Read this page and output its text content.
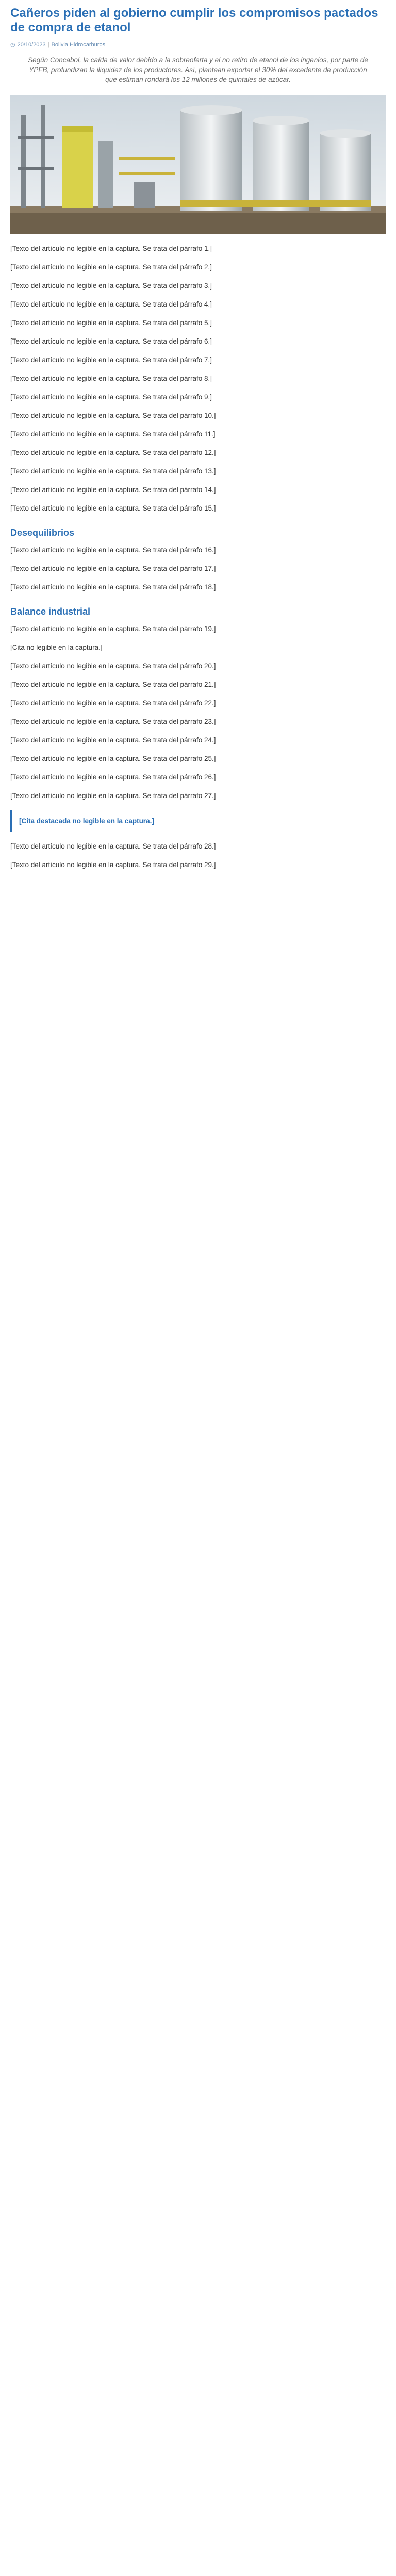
Cañeros piden al gobierno cumplir los compromisos pactados de compra de etanol
◷ 20/10/2023 | Bolivia Hidrocarburos

Según Concabol, la caída de valor debido a la sobreoferta y el no retiro de etanol de los ingenios, por parte de YPFB, profundizan la iliquidez de los productores. Así, plantean exportar el 30% del excedente de producción que estiman rondará los 12 millones de quintales de azúcar.

[Texto del artículo no legible en la captura. Se trata del párrafo 1.]

[Texto del artículo no legible en la captura. Se trata del párrafo 2.]

[Texto del artículo no legible en la captura. Se trata del párrafo 3.]

[Texto del artículo no legible en la captura. Se trata del párrafo 4.]

[Texto del artículo no legible en la captura. Se trata del párrafo 5.]

[Texto del artículo no legible en la captura. Se trata del párrafo 6.]

[Texto del artículo no legible en la captura. Se trata del párrafo 7.]

[Texto del artículo no legible en la captura. Se trata del párrafo 8.]

[Texto del artículo no legible en la captura. Se trata del párrafo 9.]

[Texto del artículo no legible en la captura. Se trata del párrafo 10.]

[Texto del artículo no legible en la captura. Se trata del párrafo 11.]

[Texto del artículo no legible en la captura. Se trata del párrafo 12.]

[Texto del artículo no legible en la captura. Se trata del párrafo 13.]

[Texto del artículo no legible en la captura. Se trata del párrafo 14.]

[Texto del artículo no legible en la captura. Se trata del párrafo 15.]

Desequilibrios

[Texto del artículo no legible en la captura. Se trata del párrafo 16.]

[Texto del artículo no legible en la captura. Se trata del párrafo 17.]

[Texto del artículo no legible en la captura. Se trata del párrafo 18.]

Balance industrial

[Texto del artículo no legible en la captura. Se trata del párrafo 19.]

[Cita no legible en la captura.]

[Texto del artículo no legible en la captura. Se trata del párrafo 20.]

[Texto del artículo no legible en la captura. Se trata del párrafo 21.]

[Texto del artículo no legible en la captura. Se trata del párrafo 22.]

[Texto del artículo no legible en la captura. Se trata del párrafo 23.]

[Texto del artículo no legible en la captura. Se trata del párrafo 24.]

[Texto del artículo no legible en la captura. Se trata del párrafo 25.]

[Texto del artículo no legible en la captura. Se trata del párrafo 26.]

[Texto del artículo no legible en la captura. Se trata del párrafo 27.]

[Cita destacada no legible en la captura.]

[Texto del artículo no legible en la captura. Se trata del párrafo 28.]

[Texto del artículo no legible en la captura. Se trata del párrafo 29.]
